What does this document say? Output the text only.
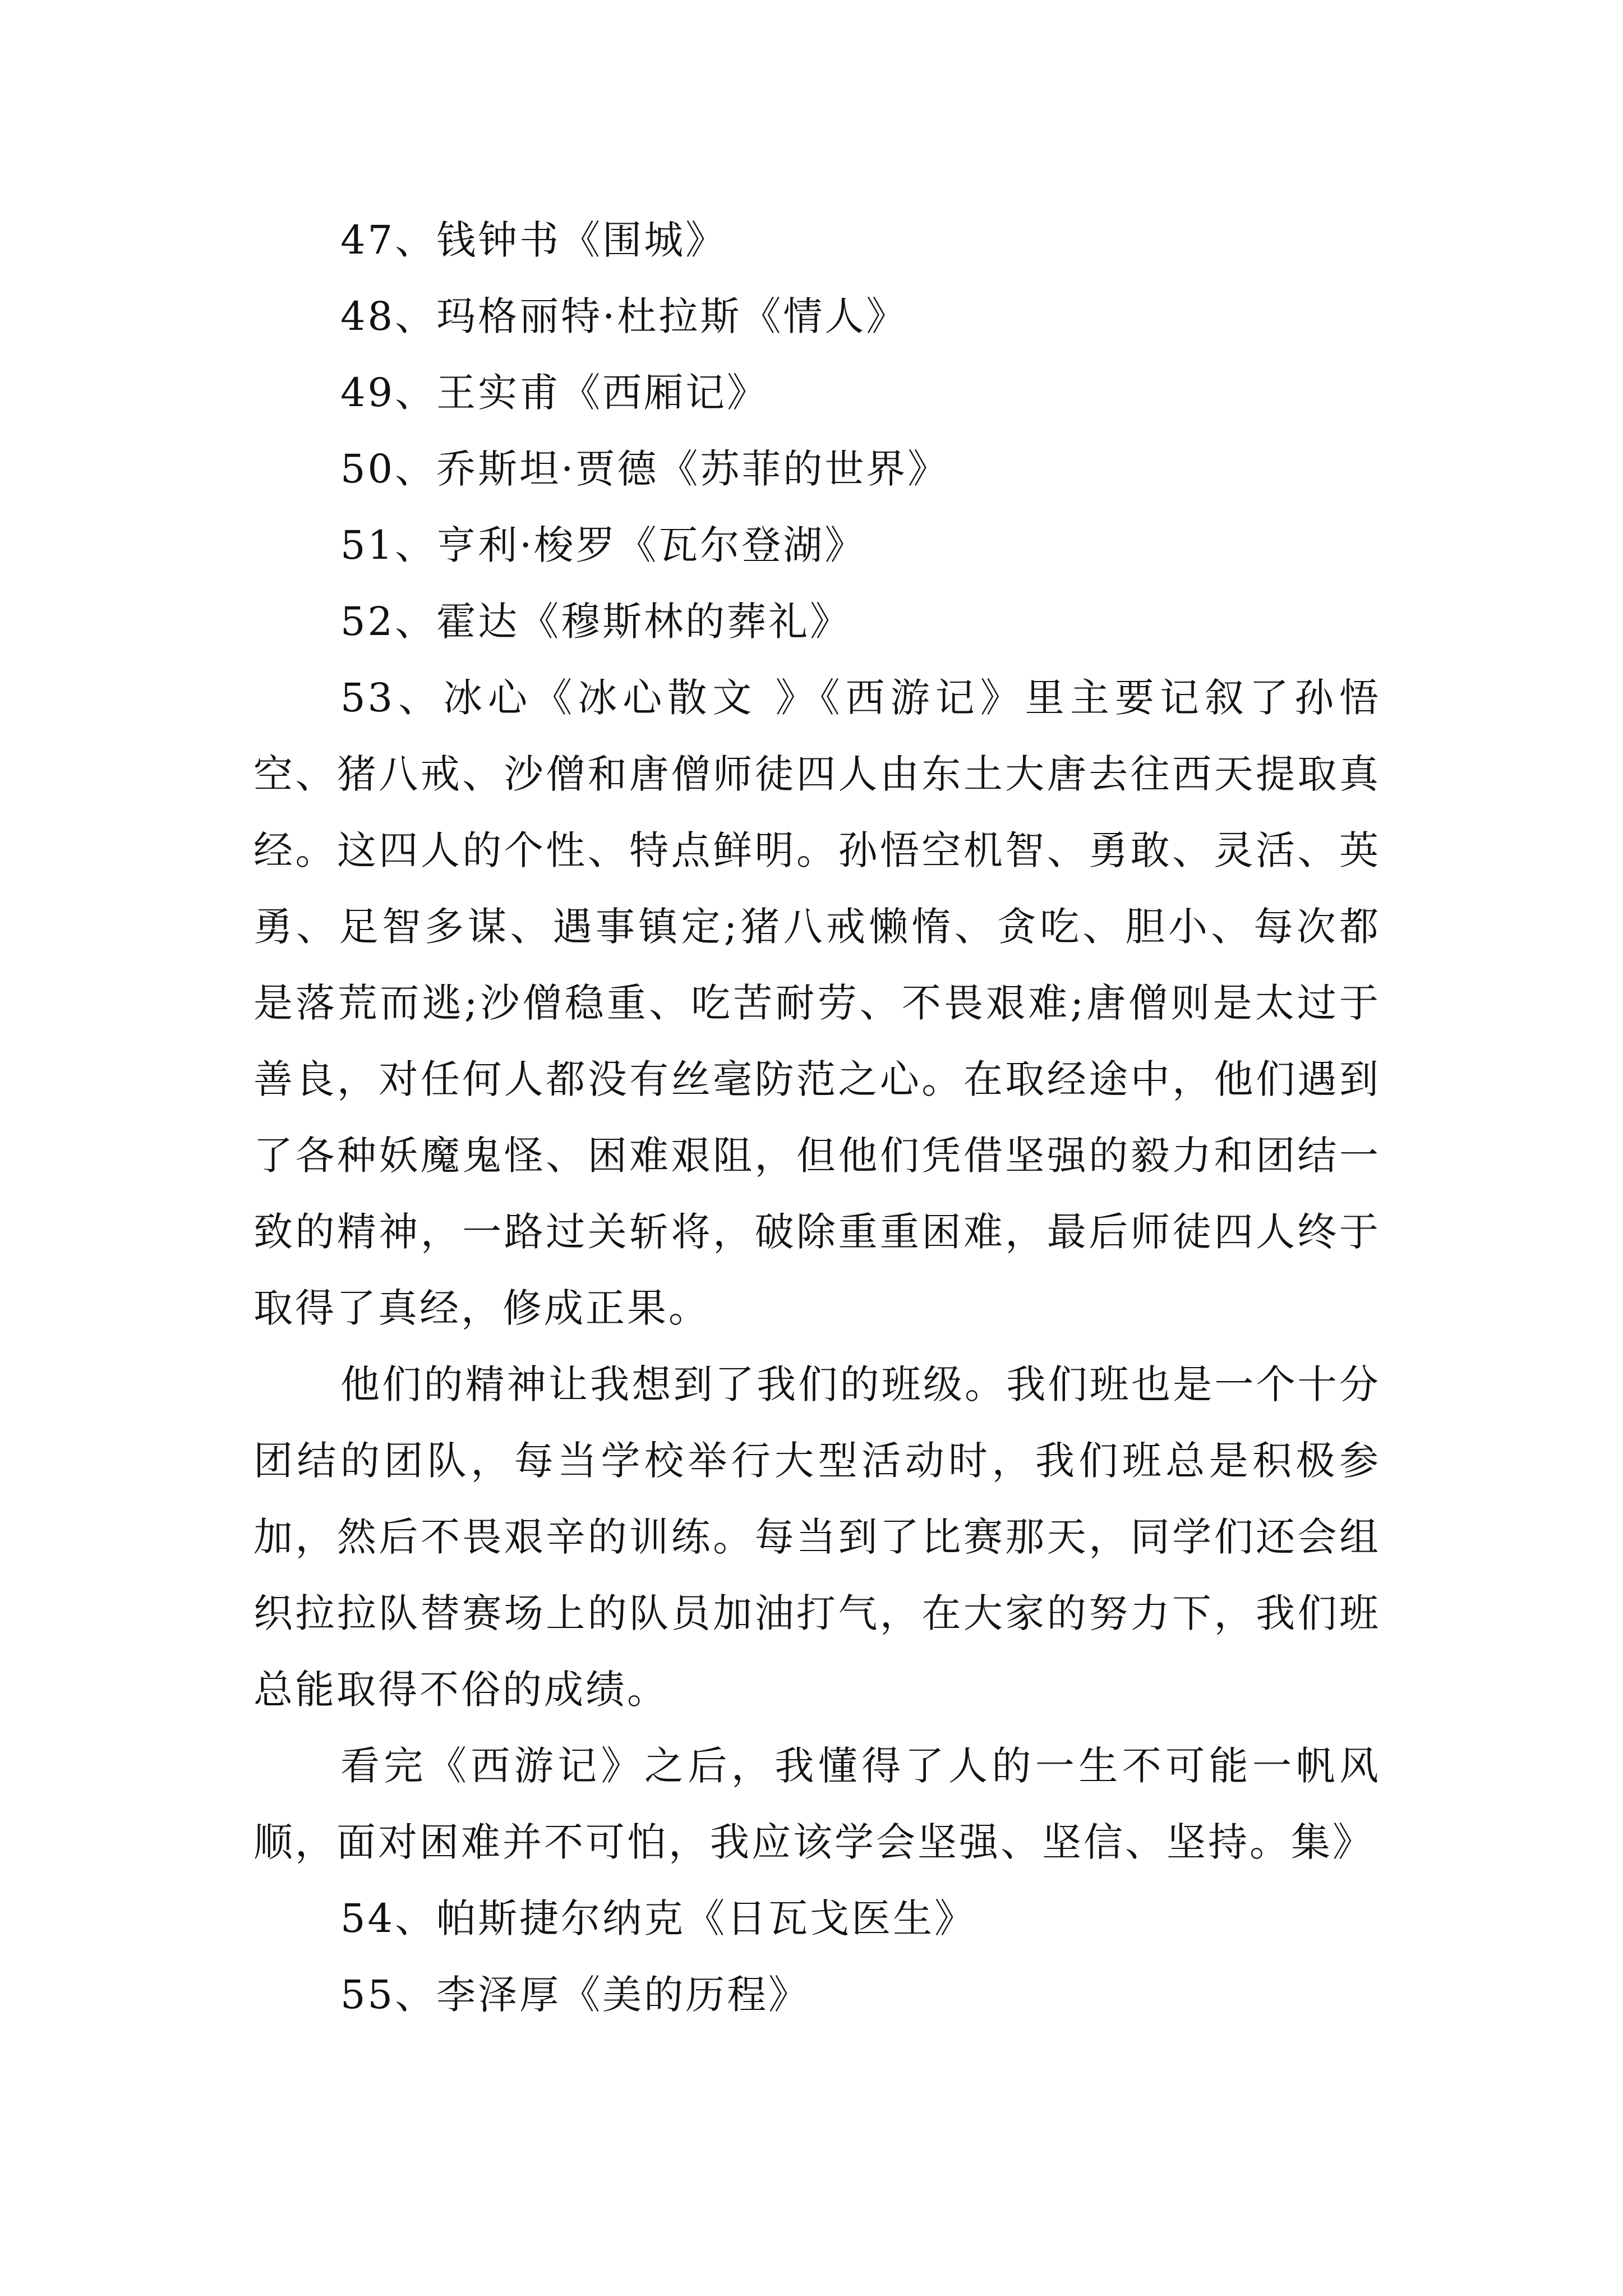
47、钱钟书《围城》

48、玛格丽特·杜拉斯《情人》

49、王实甫《西厢记》

50、乔斯坦·贾德《苏菲的世界》

51、亨利·梭罗《瓦尔登湖》

52、霍达《穆斯林的葬礼》

53、冰心《冰心散文 》《西游记》里主要记叙了孙悟空、猪八戒、沙僧和唐僧师徒四人由东土大唐去往西天提取真经。这四人的个性、特点鲜明。孙悟空机智、勇敢、灵活、英勇、足智多谋、遇事镇定;猪八戒懒惰、贪吃、胆小、每次都是落荒而逃;沙僧稳重、吃苦耐劳、不畏艰难;唐僧则是太过于善良，对任何人都没有丝毫防范之心。在取经途中，他们遇到了各种妖魔鬼怪、困难艰阻，但他们凭借坚强的毅力和团结一致的精神，一路过关斩将，破除重重困难，最后师徒四人终于取得了真经，修成正果。

他们的精神让我想到了我们的班级。我们班也是一个十分团结的团队，每当学校举行大型活动时，我们班总是积极参加，然后不畏艰辛的训练。每当到了比赛那天，同学们还会组织拉拉队替赛场上的队员加油打气，在大家的努力下，我们班总能取得不俗的成绩。

看完《西游记》之后，我懂得了人的一生不可能一帆风顺，面对困难并不可怕，我应该学会坚强、坚信、坚持。集》

54、帕斯捷尔纳克《日瓦戈医生》

55、李泽厚《美的历程》
